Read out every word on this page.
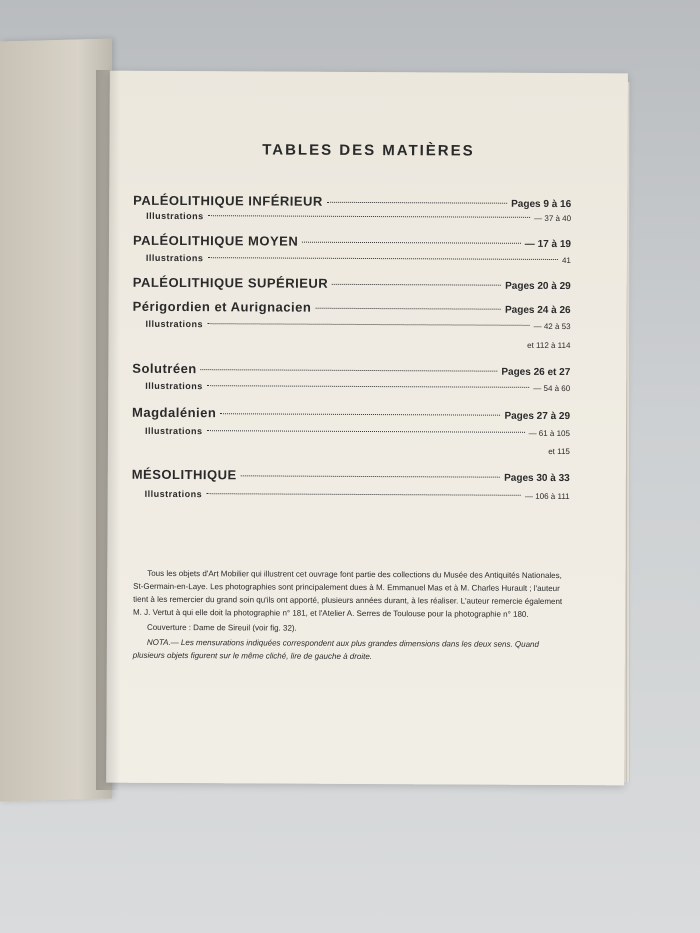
TABLES DES MATIÈRES
PALÉOLITHIQUE INFÉRIEUR	Pages 9 à 16
Illustrations	— 37 à 40
PALÉOLITHIQUE MOYEN	— 17 à 19
Illustrations	41
PALÉOLITHIQUE SUPÉRIEUR	Pages 20 à 29
Périgordien et Aurignacien	Pages 24 à 26
Illustrations	— 42 à 53
et 112 à 114
Solutréen	Pages 26 et 27
Illustrations	— 54 à 60
Magdalénien	Pages 27 à 29
Illustrations	— 61 à 105
et 115
MÉSOLITHIQUE	Pages 30 à 33
Illustrations	— 106 à 111

Tous les objets d'Art Mobilier qui illustrent cet ouvrage font partie des collections du Musée des Antiquités Nationales, St-Germain-en-Laye. Les photographies sont principalement dues à M. Emmanuel Mas et à M. Charles Hurault ; l'auteur tient à les remercier du grand soin qu'ils ont apporté, plusieurs années durant, à les réaliser. L'auteur remercie également M. J. Vertut à qui elle doit la photographie n° 181, et l'Atelier A. Serres de Toulouse pour la photographie n° 180.

Couverture : Dame de Sireuil (voir fig. 32).

NOTA.— Les mensurations indiquées correspondent aux plus grandes dimensions dans les deux sens. Quand plusieurs objets figurent sur le même cliché, lire de gauche à droite.
